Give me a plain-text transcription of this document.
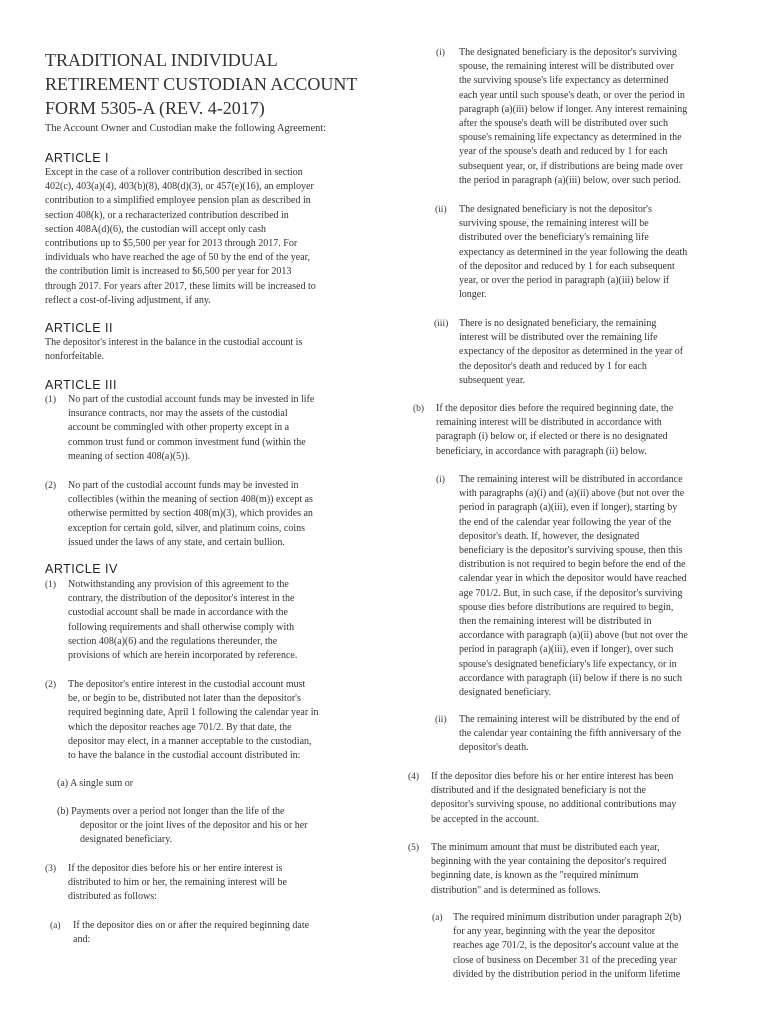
TRADITIONAL INDIVIDUAL
RETIREMENT CUSTODIAN ACCOUNT
FORM 5305-A (REV. 4-2017)
The Account Owner and Custodian make the following Agreement:
ARTICLE I
Except in the case of a rollover contribution described in section
402(c), 403(a)(4), 403(b)(8), 408(d)(3), or 457(e)(16), an employer
contribution to a simplified employee pension plan as described in
section 408(k), or a recharacterized contribution described in
section 408A(d)(6), the custodian will accept only cash
contributions up to $5,500 per year for 2013 through 2017. For
individuals who have reached the age of 50 by the end of the year,
the contribution limit is increased to $6,500 per year for 2013
through 2017. For years after 2017, these limits will be increased to
reflect a cost-of-living adjustment, if any.
ARTICLE II
The depositor's interest in the balance in the custodial account is
nonforfeitable.
ARTICLE III
(1)	No part of the custodial account funds may be invested in life
insurance contracts, nor may the assets of the custodial
account be commingled with other property except in a
common trust fund or common investment fund (within the
meaning of section 408(a)(5)).
(2)	No part of the custodial account funds may be invested in
collectibles (within the meaning of section 408(m)) except as
otherwise permitted by section 408(m)(3), which provides an
exception for certain gold, silver, and platinum coins, coins
issued under the laws of any state, and certain bullion.
ARTICLE IV
(1)	Notwithstanding any provision of this agreement to the
contrary, the distribution of the depositor's interest in the
custodial account shall be made in accordance with the
following requirements and shall otherwise comply with
section 408(a)(6) and the regulations thereunder, the
provisions of which are herein incorporated by reference.
(2)	The depositor's entire interest in the custodial account must
be, or begin to be, distributed not later than the depositor's
required beginning date, April 1 following the calendar year in
which the depositor reaches age 701/2. By that date, the
depositor may elect, in a manner acceptable to the custodian,
to have the balance in the custodial account distributed in:
(a) A single sum or
(b) Payments over a period not longer than the life of the
depositor or the joint lives of the depositor and his or her
designated beneficiary.
(3)	If the depositor dies before his or her entire interest is
distributed to him or her, the remaining interest will be
distributed as follows:
(a)	If the depositor dies on or after the required beginning date
and:
(i)	The designated beneficiary is the depositor's surviving
spouse, the remaining interest will be distributed over
the surviving spouse's life expectancy as determined
each year until such spouse's death, or over the period in
paragraph (a)(iii) below if longer. Any interest remaining
after the spouse's death will be distributed over such
spouse's remaining life expectancy as determined in the
year of the spouse's death and reduced by 1 for each
subsequent year, or, if distributions are being made over
the period in paragraph (a)(iii) below, over such period.
(ii)	The designated beneficiary is not the depositor's
surviving spouse, the remaining interest will be
distributed over the beneficiary's remaining life
expectancy as determined in the year following the death
of the depositor and reduced by 1 for each subsequent
year, or over the period in paragraph (a)(iii) below if
longer.
(iii)	There is no designated beneficiary, the remaining
interest will be distributed over the remaining life
expectancy of the depositor as determined in the year of
the depositor's death and reduced by 1 for each
subsequent year.
(b)	If the depositor dies before the required beginning date, the
remaining interest will be distributed in accordance with
paragraph (i) below or, if elected or there is no designated
beneficiary, in accordance with paragraph (ii) below.
(i)	The remaining interest will be distributed in accordance
with paragraphs (a)(i) and (a)(ii) above (but not over the
period in paragraph (a)(iii), even if longer), starting by
the end of the calendar year following the year of the
depositor's death. If, however, the designated
beneficiary is the depositor's surviving spouse, then this
distribution is not required to begin before the end of the
calendar year in which the depositor would have reached
age 701/2. But, in such case, if the depositor's surviving
spouse dies before distributions are required to begin,
then the remaining interest will be distributed in
accordance with paragraph (a)(ii) above (but not over the
period in paragraph (a)(iii), even if longer), over such
spouse's designated beneficiary's life expectancy, or in
accordance with paragraph (ii) below if there is no such
designated beneficiary.
(ii)	The remaining interest will be distributed by the end of
the calendar year containing the fifth anniversary of the
depositor's death.
(4)	If the depositor dies before his or her entire interest has been
distributed and if the designated beneficiary is not the
depositor's surviving spouse, no additional contributions may
be accepted in the account.
(5)	The minimum amount that must be distributed each year,
beginning with the year containing the depositor's required
beginning date, is known as the "required minimum
distribution" and is determined as follows.
(a)	The required minimum distribution under paragraph 2(b)
for any year, beginning with the year the depositor
reaches age 701/2, is the depositor's account value at the
close of business on December 31 of the preceding year
divided by the distribution period in the uniform lifetime
